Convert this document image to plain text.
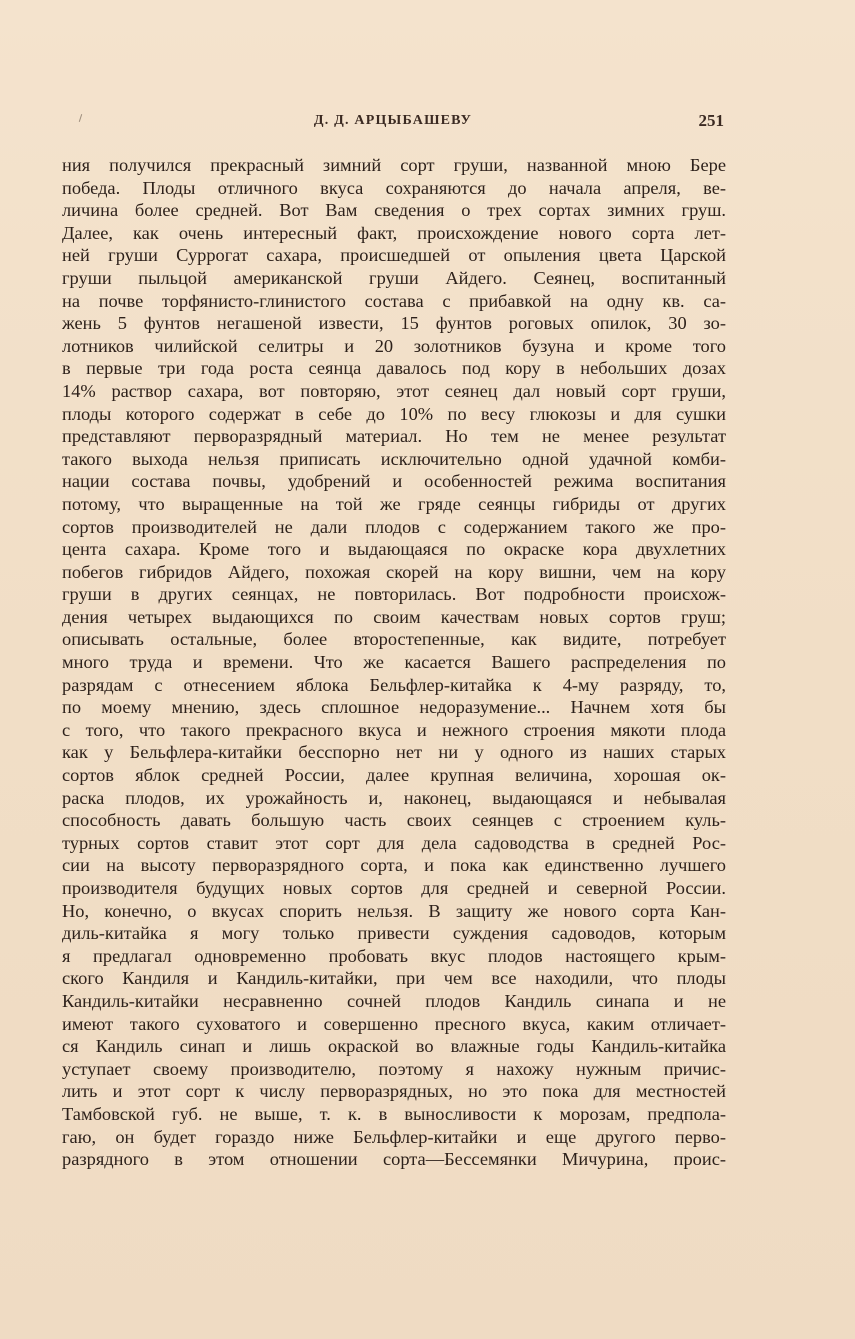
Д. Д. АРЦЫБАШЕВУ	251
ния получился прекрасный зимний сорт груши, названной мною Бере
победа. Плоды отличного вкуса сохраняются до начала апреля, ве-
личина более средней. Вот Вам сведения о трех сортах зимних груш.
Далее, как очень интересный факт, происхождение нового сорта лет-
ней груши Суррогат сахара, происшедшей от опыления цвета Царской
груши пыльцой американской груши Айдего. Сеянец, воспитанный
на почве торфянисто-глинистого состава с прибавкой на одну кв. са-
жень 5 фунтов негашеной извести, 15 фунтов роговых опилок, 30 зо-
лотников чилийской селитры и 20 золотников бузуна и кроме того
в первые три года роста сеянца давалось под кору в небольших дозах
14% раствор сахара, вот повторяю, этот сеянец дал новый сорт груши,
плоды которого содержат в себе до 10% по весу глюкозы и для сушки
представляют перворазрядный материал. Но тем не менее результат
такого выхода нельзя приписать исключительно одной удачной комби-
нации состава почвы, удобрений и особенностей режима воспитания
потому, что выращенные на той же гряде сеянцы гибриды от других
сортов производителей не дали плодов с содержанием такого же про-
цента сахара. Кроме того и выдающаяся по окраске кора двухлетних
побегов гибридов Айдего, похожая скорей на кору вишни, чем на кору
груши в других сеянцах, не повторилась. Вот подробности происхож-
дения четырех выдающихся по своим качествам новых сортов груш;
описывать остальные, более второстепенные, как видите, потребует
много труда и времени. Что же касается Вашего распределения по
разрядам с отнесением яблока Бельфлер-китайка к 4-му разряду, то,
по моему мнению, здесь сплошное недоразумение... Начнем хотя бы
с того, что такого прекрасного вкуса и нежного строения мякоти плода
как у Бельфлера-китайки бесспорно нет ни у одного из наших старых
сортов яблок средней России, далее крупная величина, хорошая ок-
раска плодов, их урожайность и, наконец, выдающаяся и небывалая
способность давать большую часть своих сеянцев с строением куль-
турных сортов ставит этот сорт для дела садоводства в средней Рос-
сии на высоту перворазрядного сорта, и пока как единственно лучшего
производителя будущих новых сортов для средней и северной России.
Но, конечно, о вкусах спорить нельзя. В защиту же нового сорта Кан-
диль-китайка я могу только привести суждения садоводов, которым
я предлагал одновременно пробовать вкус плодов настоящего крым-
ского Кандиля и Кандиль-китайки, при чем все находили, что плоды
Кандиль-китайки несравненно сочней плодов Кандиль синапа и не
имеют такого суховатого и совершенно пресного вкуса, каким отличает-
ся Кандиль синап и лишь окраской во влажные годы Кандиль-китайка
уступает своему производителю, поэтому я нахожу нужным причис-
лить и этот сорт к числу перворазрядных, но это пока для местностей
Тамбовской губ. не выше, т. к. в выносливости к морозам, предпола-
гаю, он будет гораздо ниже Бельфлер-китайки и еще другого перво-
разрядного в этом отношении сорта—Бессемянки Мичурина, проис-
